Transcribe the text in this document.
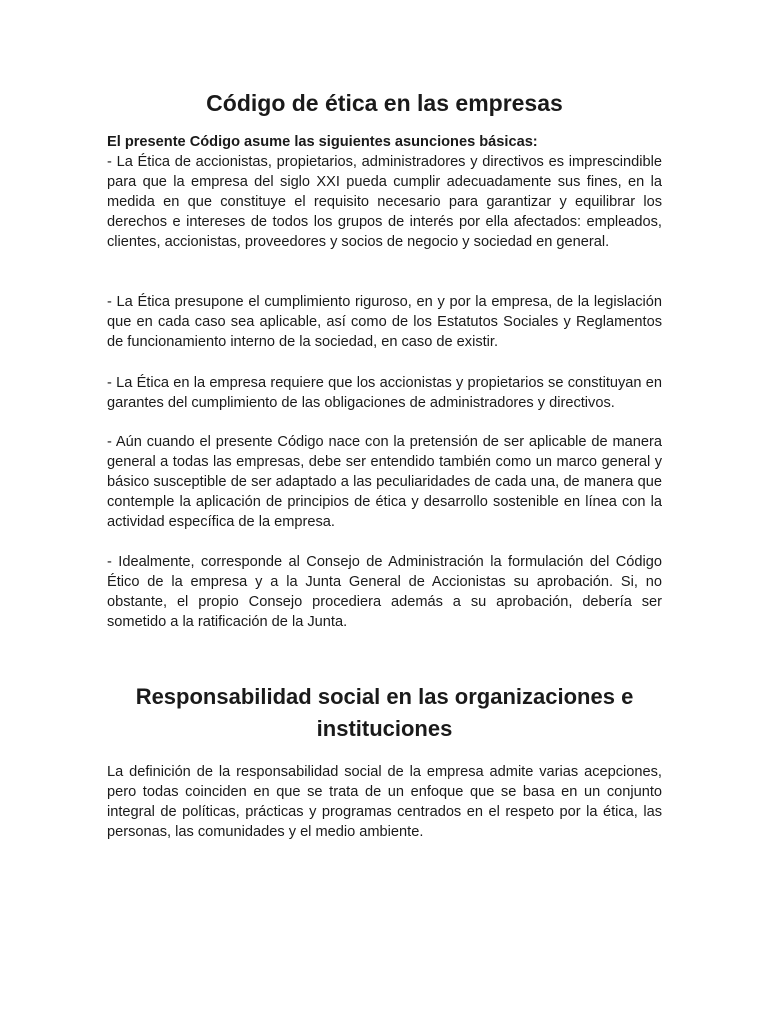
Código de ética en las empresas

El presente Código asume las siguientes asunciones básicas:

- La Ética de accionistas, propietarios, administradores y directivos es imprescindible para que la empresa del siglo XXI pueda cumplir adecuadamente sus fines, en la medida en que constituye el requisito necesario para garantizar y equilibrar los derechos e intereses de todos los grupos de interés por ella afectados: empleados, clientes, accionistas, proveedores y socios de negocio y sociedad en general.

- La Ética presupone el cumplimiento riguroso, en y por la empresa, de la legislación que en cada caso sea aplicable, así como de los Estatutos Sociales y Reglamentos de funcionamiento interno de la sociedad, en caso de existir.

- La Ética en la empresa requiere que los accionistas y propietarios se constituyan en garantes del cumplimiento de las obligaciones de administradores y directivos.

- Aún cuando el presente Código nace con la pretensión de ser aplicable de manera general a todas las empresas, debe ser entendido también como un marco general y básico susceptible de ser adaptado a las peculiaridades de cada una, de manera que contemple la aplicación de principios de ética y desarrollo sostenible en línea con la actividad específica de la empresa.

- Idealmente, corresponde al Consejo de Administración la formulación del Código Ético de la empresa y a la Junta General de Accionistas su aprobación. Si, no obstante, el propio Consejo procediera además a su aprobación, debería ser sometido a la ratificación de la Junta.

Responsabilidad social en las organizaciones e instituciones

La definición de la responsabilidad social de la empresa admite varias acepciones, pero todas coinciden en que se trata de un enfoque que se basa en un conjunto integral de políticas, prácticas y programas centrados en el respeto por la ética, las personas, las comunidades y el medio ambiente.
